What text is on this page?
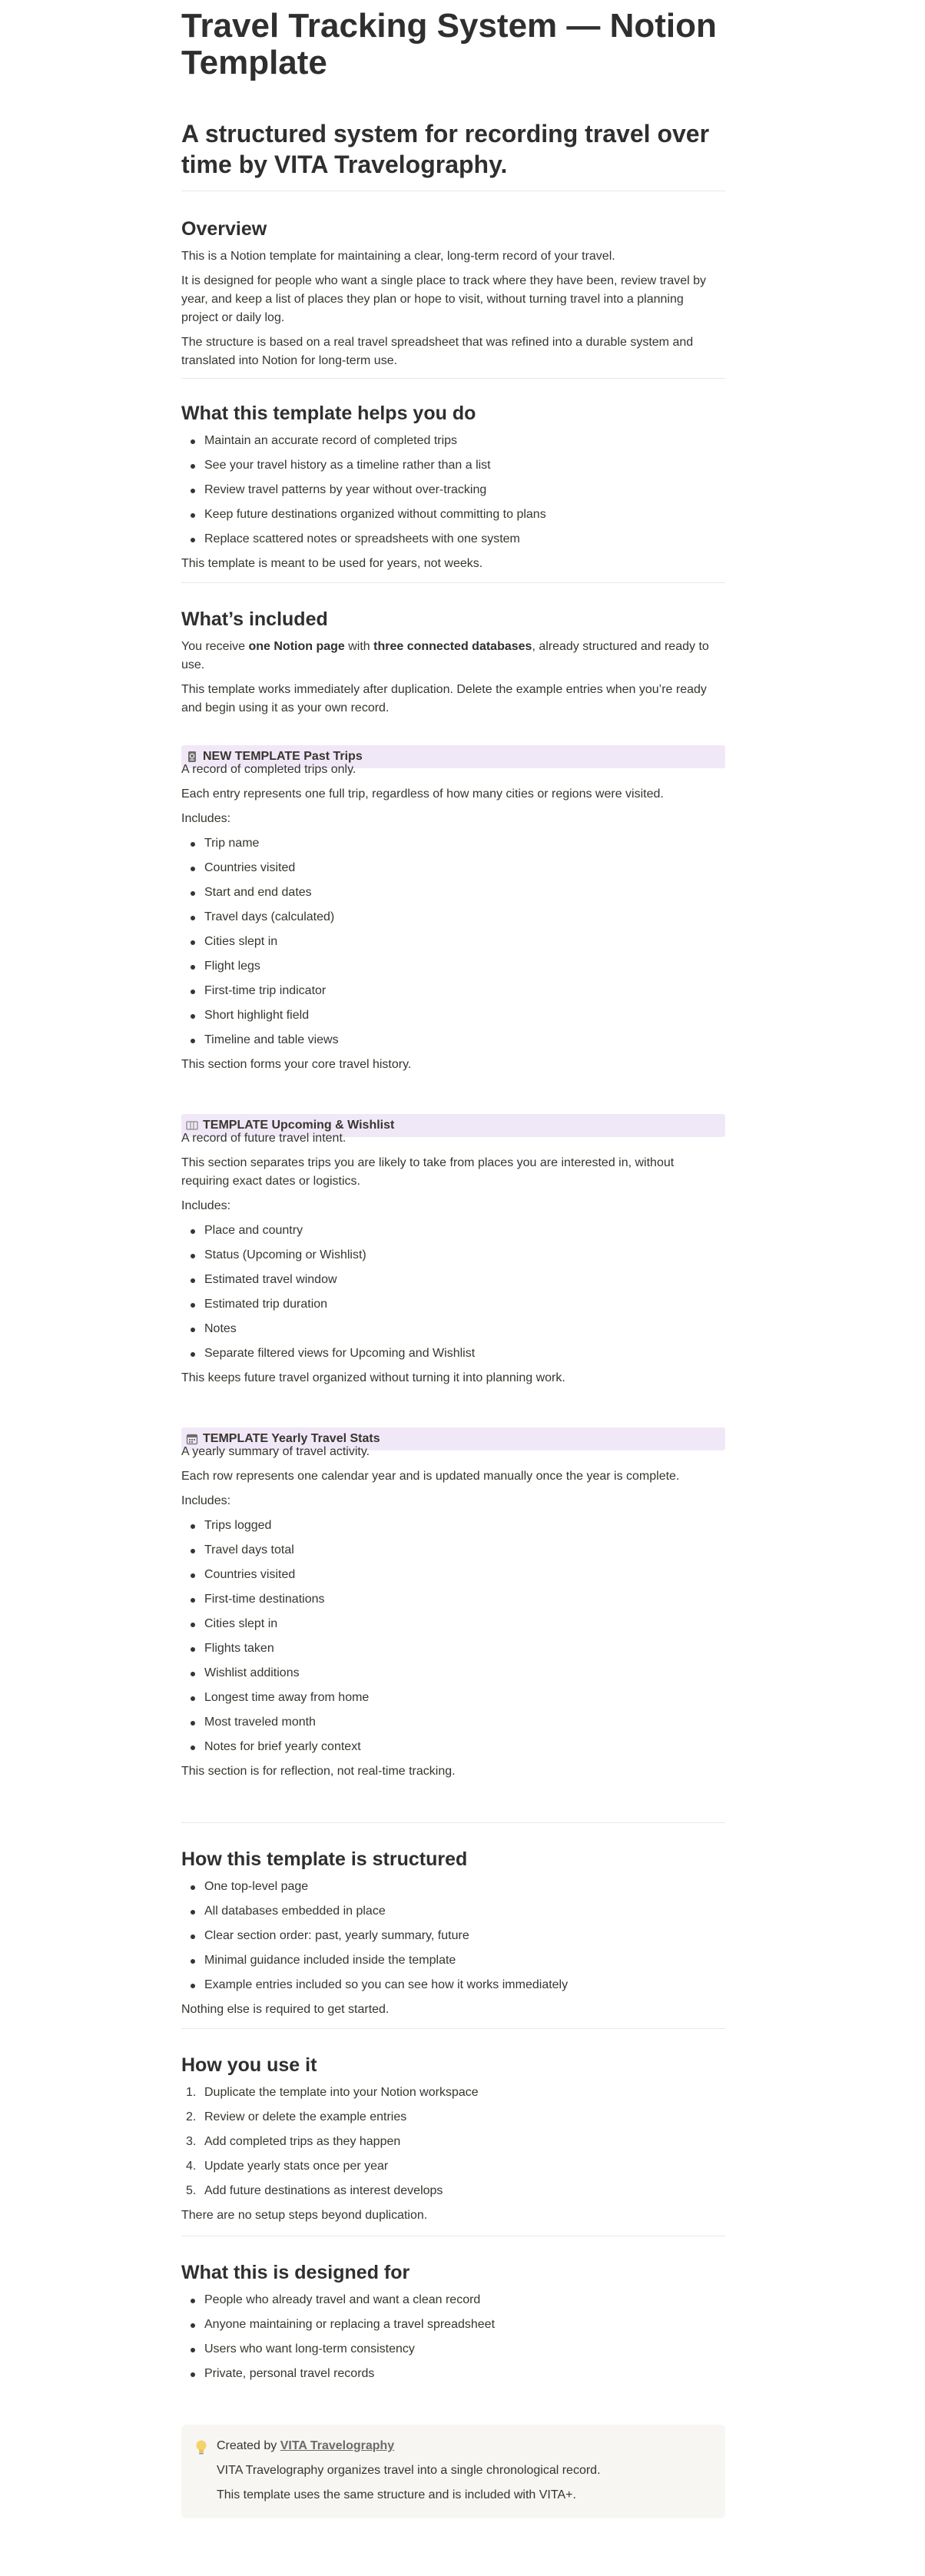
Travel Tracking System — Notion
Template
A structured system for recording travel over
time by VITA Travelography.
Overview

This is a Notion template for maintaining a clear, long-term record of your travel.

It is designed for people who want a single place to track where they have been, review travel by
year, and keep a list of places they plan or hope to visit, without turning travel into a planning
project or daily log.

The structure is based on a real travel spreadsheet that was refined into a durable system and
translated into Notion for long-term use.

What this template helps you do
Maintain an accurate record of completed trips
See your travel history as a timeline rather than a list
Review travel patterns by year without over-tracking
Keep future destinations organized without committing to plans
Replace scattered notes or spreadsheets with one system

This template is meant to be used for years, not weeks.

What’s included

You receive one Notion page with three connected databases, already structured and ready to
use.

This template works immediately after duplication. Delete the example entries when you’re ready
and begin using it as your own record.

NEW TEMPLATE Past Trips

A record of completed trips only.

Each entry represents one full trip, regardless of how many cities or regions were visited.

Includes:

Trip name
Countries visited
Start and end dates
Travel days (calculated)
Cities slept in
Flight legs
First-time trip indicator
Short highlight field
Timeline and table views

This section forms your core travel history.

TEMPLATE Upcoming & Wishlist

A record of future travel intent.

This section separates trips you are likely to take from places you are interested in, without
requiring exact dates or logistics.

Includes:

Place and country
Status (Upcoming or Wishlist)
Estimated travel window
Estimated trip duration
Notes
Separate filtered views for Upcoming and Wishlist

This keeps future travel organized without turning it into planning work.

TEMPLATE Yearly Travel Stats

A yearly summary of travel activity.

Each row represents one calendar year and is updated manually once the year is complete.

Includes:

Trips logged
Travel days total
Countries visited
First-time destinations
Cities slept in
Flights taken
Wishlist additions
Longest time away from home
Most traveled month
Notes for brief yearly context

This section is for reflection, not real-time tracking.

How this template is structured
One top-level page
All databases embedded in place
Clear section order: past, yearly summary, future
Minimal guidance included inside the template
Example entries included so you can see how it works immediately

Nothing else is required to get started.

How you use it
1. Duplicate the template into your Notion workspace
2. Review or delete the example entries
3. Add completed trips as they happen
4. Update yearly stats once per year
5. Add future destinations as interest develops

There are no setup steps beyond duplication.

What this is designed for
People who already travel and want a clean record
Anyone maintaining or replacing a travel spreadsheet
Users who want long-term consistency
Private, personal travel records
Created by VITA Travelography
VITA Travelography organizes travel into a single chronological record.
This template uses the same structure and is included with VITA+.
